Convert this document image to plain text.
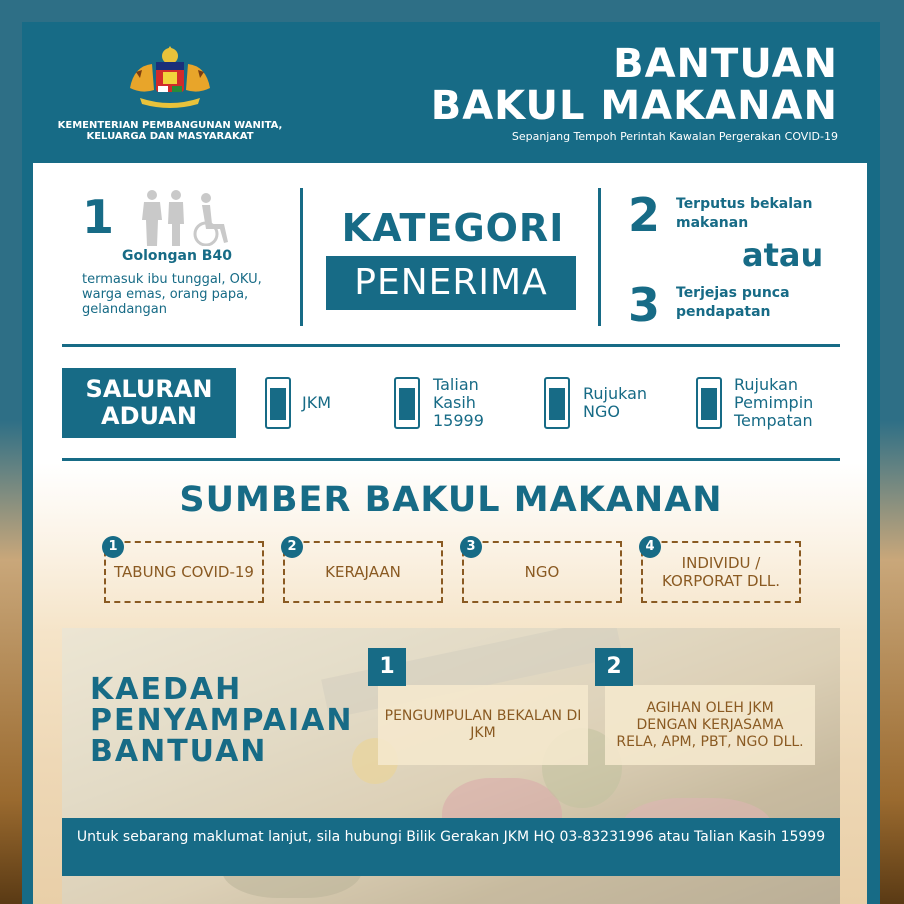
KEMENTERIAN PEMBANGUNAN WANITA,
KELUARGA DAN MASYARAKAT
BANTUAN
BAKUL MAKANAN
Sepanjang Tempoh Perintah Kawalan Pergerakan COVID-19
1
Golongan B40
termasuk ibu tunggal, OKU, warga emas, orang papa, gelandangan
KATEGORI
PENERIMA
2 Terputus bekalan makanan
atau
3 Terjejas punca pendapatan
SALURAN
ADUAN	JKM
Talian Kasih 15999
Rujukan NGO
Rujukan Pemimpin Tempatan
SUMBER BAKUL MAKANAN
TABUNG COVID-19
1
KERAJAAN
2
NGO
3
INDIVIDU / KORPORAT DLL.
4
KAEDAH
PENYAMPAIAN
BANTUAN
PENGUMPULAN BEKALAN DI JKM
1
AGIHAN OLEH JKM DENGAN KERJASAMA RELA, APM, PBT, NGO DLL.
2
Untuk sebarang maklumat lanjut, sila hubungi Bilik Gerakan JKM HQ 03-83231996 atau Talian Kasih 15999
